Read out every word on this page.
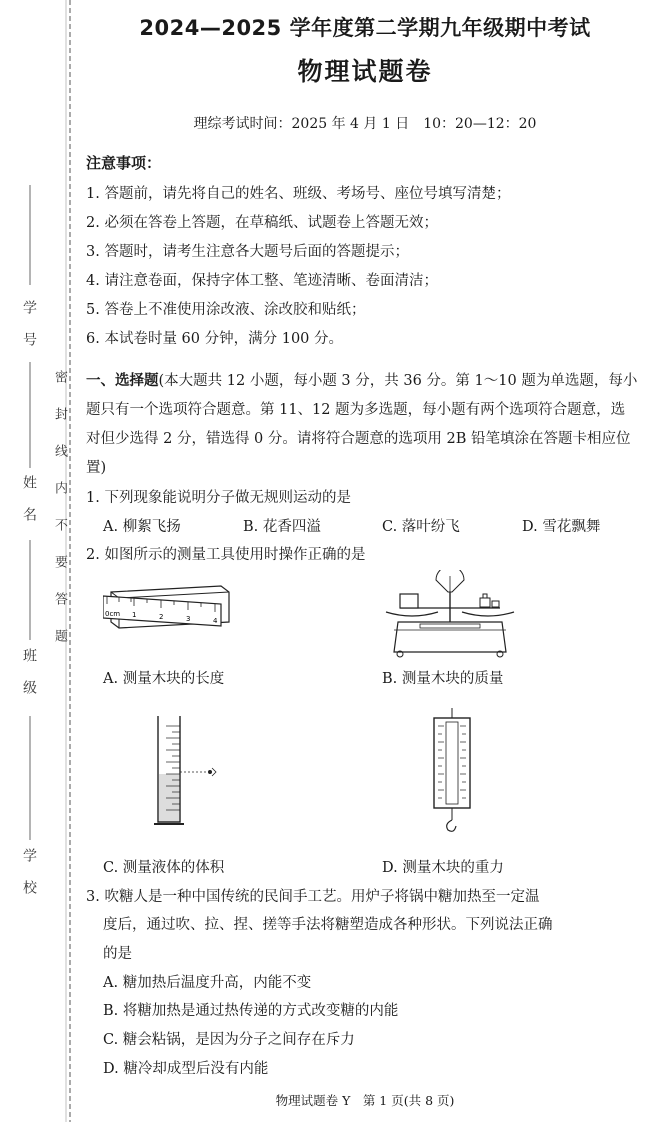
学号
姓名
班级
学校
密封线内不要答题
2024—2025 学年度第二学期九年级期中考试
物理试题卷
理综考试时间：2025 年 4 月 1 日　10：20—12：20
注意事项：
1. 答题前，请先将自己的姓名、班级、考场号、座位号填写清楚；
2. 必须在答卷上答题，在草稿纸、试题卷上答题无效；
3. 答题时，请考生注意各大题号后面的答题提示；
4. 请注意卷面，保持字体工整、笔迹清晰、卷面清洁；
5. 答卷上不准使用涂改液、涂改胶和贴纸；
6. 本试卷时量 60 分钟，满分 100 分。
一、选择题(本大题共 12 小题，每小题 3 分，共 36 分。第 1～10 题为单选题，每小题只有一个选项符合题意。第 11、12 题为多选题，每小题有两个选项符合题意，选对但少选得 2 分，错选得 0 分。请将符合题意的选项用 2B 铅笔填涂在答题卡相应位置)
1. 下列现象能说明分子做无规则运动的是
A. 柳絮飞扬	B. 花香四溢	C. 落叶纷飞	D. 雪花飘舞
2. 如图所示的测量工具使用时操作正确的是
0cm 1	2	3	4
A. 测量木块的长度	B. 测量木块的质量
C. 测量液体的体积	D. 测量木块的重力
3. 吹糖人是一种中国传统的民间手工艺。用炉子将锅中糖加热至一定温
度后，通过吹、拉、捏、搓等手法将糖塑造成各种形状。下列说法正确
的是
A. 糖加热后温度升高，内能不变
B. 将糖加热是通过热传递的方式改变糖的内能
C. 糖会粘锅，是因为分子之间存在斥力
D. 糖冷却成型后没有内能
物理试题卷 Y　第 1 页(共 8 页)
